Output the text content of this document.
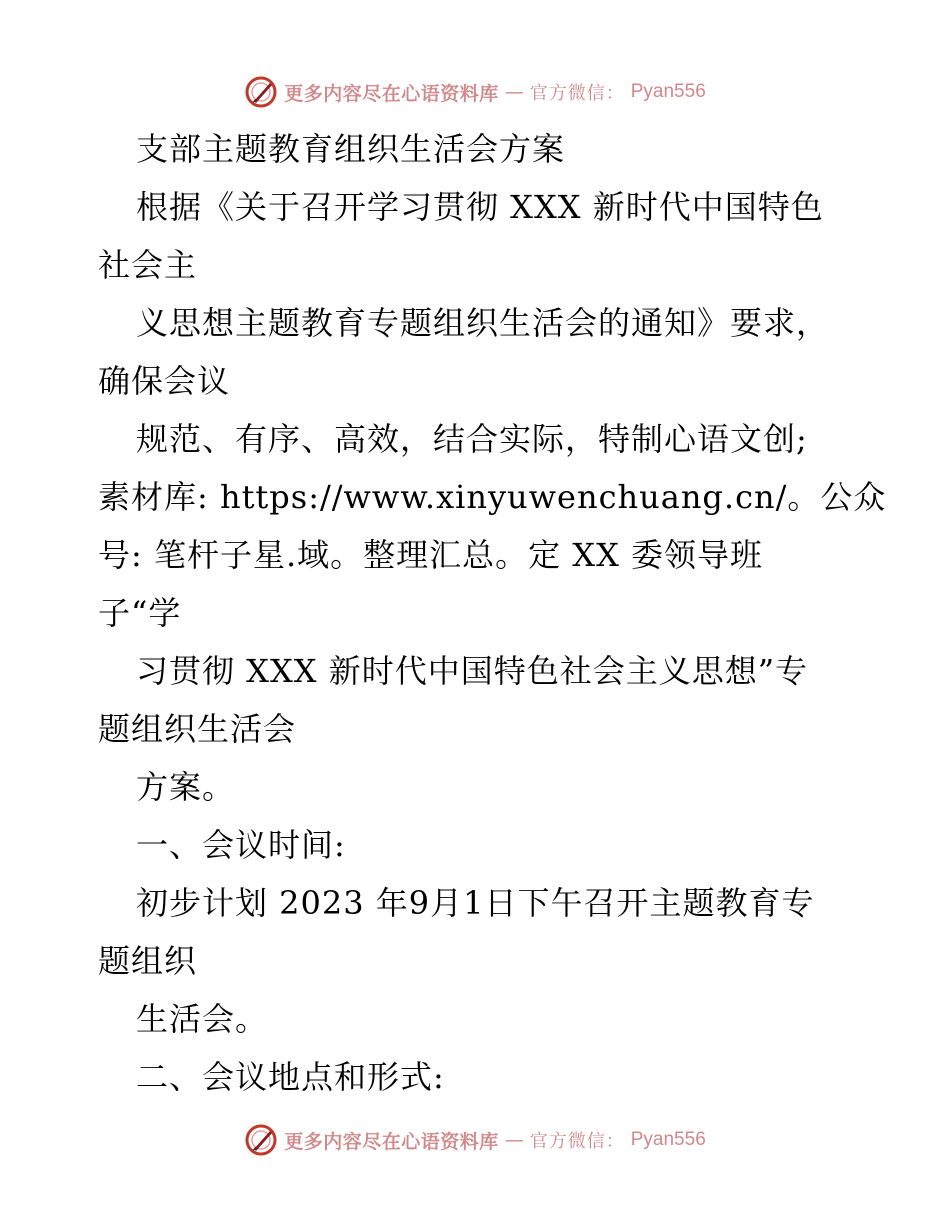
更多内容尽在心语资料库 — 官方微信： Pyan556
支部主题教育组织生活会方案
根据《关于召开学习贯彻 XXX 新时代中国特色
社会主
义思想主题教育专题组织生活会的通知》要求，
确保会议
规范、有序、高效，结合实际，特制心语文创;
素材库: https://www.xinyuwenchuang.cn/。公众
号: 笔杆子星.域。整理汇总。定 XX 委领导班
子“学
习贯彻 XXX 新时代中国特色社会主义思想”专
题组织生活会
方案。
一、会议时间:
初步计划 2023 年9月1日下午召开主题教育专
题组织
生活会。
二、会议地点和形式:
更多内容尽在心语资料库 — 官方微信： Pyan556
